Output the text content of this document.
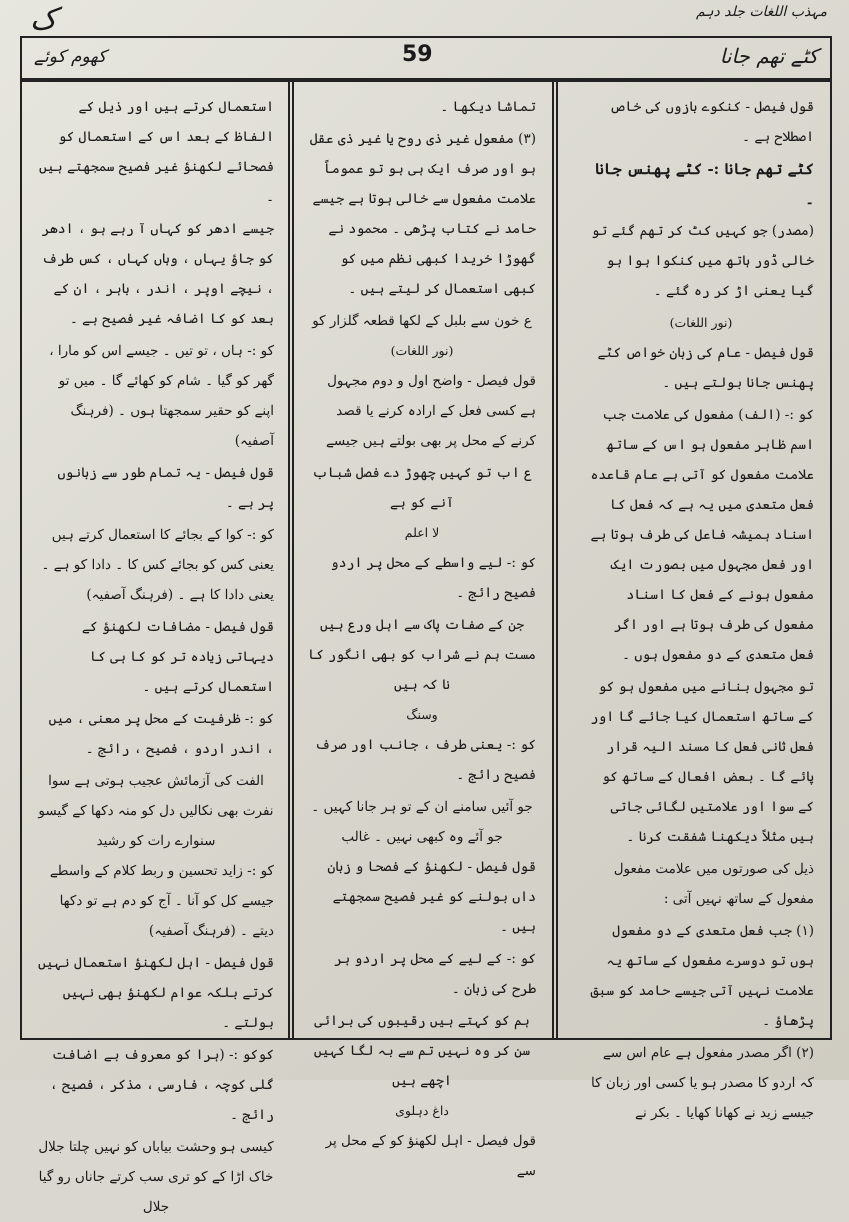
ک	مہذب اللغات جلد دہم
کھوم کوئے	59	کٹے تھم جانا

قول فیصل - کنکوے بازوں کی خاص اصطلاح ہے ۔

کٹے تھم جانا :- کٹے پھنس جانا ۔

(مصدر) جو کہیں کٹ کر تھم گئے تو خالی ڈور ہاتھ میں کنکوا ہوا ہو گیا یعنی اڑ کر رہ گئے ۔

(نور اللغات)

قول فیصل - عام کی زبان خواص کٹے پھنس جانا بولتے ہیں ۔

کو :- (الف) مفعول کی علامت جب اسم ظاہر مفعول ہو اس کے ساتھ علامت مفعول کو آتی ہے عام قاعدہ فعل متعدی میں یہ ہے کہ فعل کا اسناد ہمیشہ فاعل کی طرف ہوتا ہے اور فعل مجہول میں بصورت ایک مفعول ہونے کے فعل کا اسناد مفعول کی طرف ہوتا ہے اور اگر فعل متعدی کے دو مفعول ہوں ۔

تو مجہول بنانے میں مفعول ہو کو کے ساتھ استعمال کیا جائے گا اور فعل ثانی فعل کا مسند الیہ قرار پائے گا ۔ بعض افعال کے ساتھ کو کے سوا اور علامتیں لگائی جاتی ہیں مثلاً دیکھنا شفقت کرنا ۔

ذیل کی صورتوں میں علامت مفعول مفعول کے ساتھ نہیں آتی :

(۱) جب فعل متعدی کے دو مفعول ہوں تو دوسرے مفعول کے ساتھ یہ علامت نہیں آتی جیسے حامد کو سبق پڑھاؤ ۔

(۲) اگر مصدر مفعول ہے عام اس سے کہ اردو کا مصدر ہو یا کسی اور زبان کا جیسے زید نے کھانا کھایا ۔ بکر نے

تماشا دیکھا ۔

(۳) مفعول غیر ذی روح یا غیر ذی عقل ہو اور صرف ایک ہی ہو تو عموماً علامت مفعول سے خالی ہوتا ہے جیسے حامد نے کتاب پڑھی ۔ محمود نے گھوڑا خریدا کبھی نظم میں کو کبھی استعمال کر لیتے ہیں ۔

ع خون سے بلبل کے لکھا قطعہ گلزار کو
(نور اللغات)

قول فیصل - واضح اول و دوم مجہول ہے کسی فعل کے ارادہ کرنے یا قصد کرنے کے محل پر بھی بولتے ہیں جیسے

ع اب تو کہیں چھوڑ دے فصل شباب آنے کو ہے
لا اعلم

کو :- لیے واسطے کے محل پر اردو فصیح رائج ۔

جن کے صفات پاک سے اہل ورع ہیں مست ہم نے شراب کو بھی انگور کا نا کہ ہیں
وسنگ

کو :- یعنی طرف ، جانب اور صرف فصیح رائج ۔

جو آئیں سامنے ان کے تو ہر جانا کہیں ۔ جو آئے وہ کبھی نہیں ۔ غالب

قول فیصل - لکھنؤ کے فصحا و زبان داں بولنے کو غیر فصیح سمجھتے ہیں ۔

کو :- کے لیے کے محل پر اردو ہر طرح کی زبان ۔

ہم کو کہتے ہیں رقیبوں کی برائی سن کر وہ نہیں تم سے بہ لگا کہیں اچھے ہیں
داغ دہلوی

قول فیصل - اہل لکھنؤ کو کے محل پر سے

استعمال کرتے ہیں اور ذیل کے الفاظ کے بعد اس کے استعمال کو فصحائے لکھنؤ غیر فصیح سمجھتے ہیں ۔

جیسے ادھر کو کہاں آ رہے ہو ، ادھر کو جاؤ یہاں ، وہاں کہاں ، کس طرف ، نیچے اوپر ، اندر ، باہر ، ان کے بعد کو کا اضافہ غیر فصیح ہے ۔

کو :- ہاں ، تو تیں ۔ جیسے اس کو مارا ، گھر کو گیا ۔ شام کو کھائے گا ۔ میں تو اپنے کو حقیر سمجھتا ہوں ۔ (فرہنگ آصفیہ)

قول فیصل - یہ تمام طور سے زبانوں پر ہے ۔

کو :- کوا کے بجائے کا استعمال کرتے ہیں یعنی کس کو بجائے کس کا ۔ دادا کو ہے ۔ یعنی دادا کا ہے ۔ (فرہنگ آصفیہ)

قول فیصل - مضافات لکھنؤ کے دیہاتی زیادہ تر کو کا ہی کا استعمال کرتے ہیں ۔

کو :- ظرفیت کے محل پر معنی ، میں ، اندر اردو ، فصیح ، رائج ۔

الفت کی آزمائش عجیب ہوتی ہے سوا نفرت بھی نکالیں دل کو منہ دکھا کے گیسو سنوارے رات کو رشید

کو :- زاید تحسین و ربط کلام کے واسطے جیسے کل کو آنا ۔ آج کو دم ہے تو دکھا دیتے ۔ (فرہنگ آصفیہ)

قول فیصل - اہل لکھنؤ استعمال نہیں کرتے بلکہ عوام لکھنؤ بھی نہیں بولتے ۔

کوکو :- (ہرا کو معروف بے اضافت گلی کوچہ ، فارسی ، مذکر ، فصیح ، رائج ۔

کیسی ہو وحشت بیاباں کو نہیں چلتا جلال خاک اڑا کے کو تری سب کرتے جاناں رو گیا جلال
